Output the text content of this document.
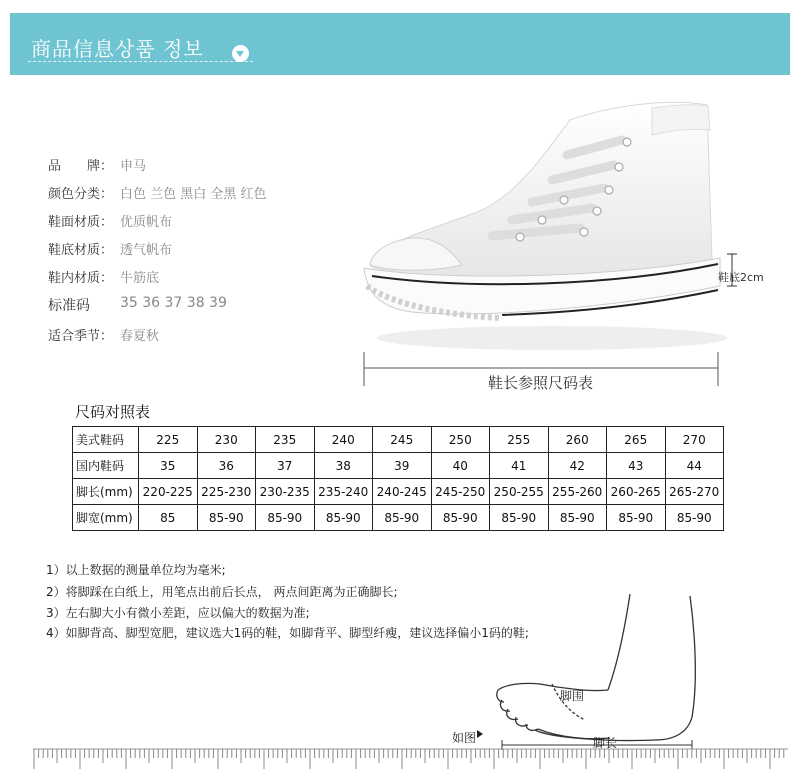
商品信息상품 정보
品　　牌： 申马
颜色分类： 白色 兰色 黑白 全黑 红色
鞋面材质： 优质帆布
鞋底材质： 透气帆布
鞋内材质： 牛筋底
标准码 35 36 37 38 39
适合季节： 春夏秋
鞋底2cm
鞋长参照尺码表
尺码对照表
美式鞋码	225	230	235	240	245	250	255	260	265	270
国内鞋码	35	36	37	38	39	40	41	42	43	44
脚长(mm)	220-225	225-230	230-235	235-240	240-245	245-250	250-255	255-260	260-265	265-270
脚宽(mm)	85	85-90	85-90	85-90	85-90	85-90	85-90	85-90	85-90	85-90
1）以上数据的测量单位均为毫米;
2）将脚踩在白纸上，用笔点出前后长点， 两点间距离为正确脚长;
3）左右脚大小有微小差距，应以偏大的数据为准;
4）如脚背高、脚型宽肥，建议选大1码的鞋，如脚背平、脚型纤瘦，建议选择偏小1码的鞋;
脚围
脚长
如图
